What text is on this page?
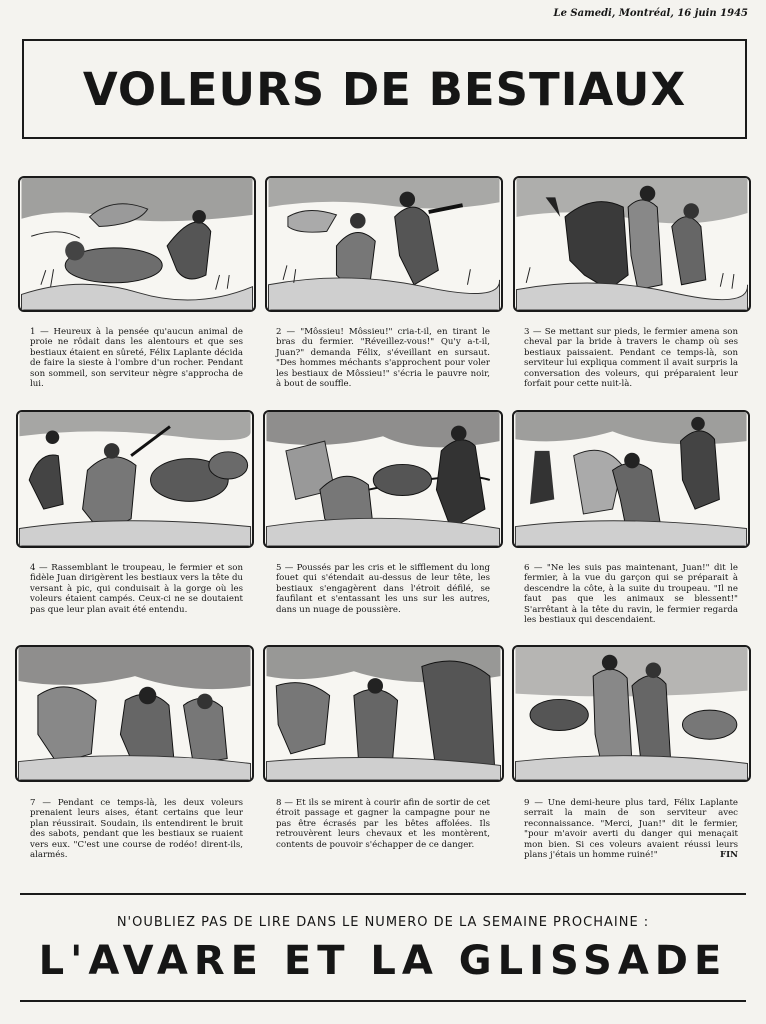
Le Samedi, Montréal, 16 juin 1945
VOLEURS DE BESTIAUX
1 — Heureux à la pensée qu'aucun animal de proie ne rôdait dans les alentours et que ses bestiaux étaient en sûreté, Félix Laplante décida de faire la sieste à l'ombre d'un rocher. Pendant son sommeil, son serviteur nègre s'approcha de lui.
2 — "Môssieu! Môssieu!" cria-t-il, en tirant le bras du fermier. "Réveillez-vous!" Qu'y a-t-il, Juan?" demanda Félix, s'éveillant en sursaut. "Des hommes méchants s'approchent pour voler les bestiaux de Môssieu!" s'écria le pauvre noir, à bout de souffle.
3 — Se mettant sur pieds, le fermier amena son cheval par la bride à travers le champ où ses bestiaux paissaient. Pendant ce temps-là, son serviteur lui expliqua comment il avait surpris la conversation des voleurs, qui préparaient leur forfait pour cette nuit-là.
4 — Rassemblant le troupeau, le fermier et son fidèle Juan dirigèrent les bestiaux vers la tête du versant à pic, qui conduisait à la gorge où les voleurs étaient campés. Ceux-ci ne se doutaient pas que leur plan avait été entendu.
5 — Poussés par les cris et le sifflement du long fouet qui s'étendait au-dessus de leur tête, les bestiaux s'engagèrent dans l'étroit défilé, se faufilant et s'entassant les uns sur les autres, dans un nuage de poussière.
6 — "Ne les suis pas maintenant, Juan!" dit le fermier, à la vue du garçon qui se préparait à descendre la côte, à la suite du troupeau. "Il ne faut pas que les animaux se blessent!" S'arrêtant à la tête du ravin, le fermier regarda les bestiaux qui descendaient.
7 — Pendant ce temps-là, les deux voleurs prenaient leurs aises, étant certains que leur plan réussirait. Soudain, ils entendirent le bruit des sabots, pendant que les bestiaux se ruaient vers eux. "C'est une course de rodéo! dirent-ils, alarmés.
8 — Et ils se mirent à courir afin de sortir de cet étroit passage et gagner la campagne pour ne pas être écrasés par les bêtes affolées. Ils retrouvèrent leurs chevaux et les montèrent, contents de pouvoir s'échapper de ce danger.
9 — Une demi-heure plus tard, Félix Laplante serrait la main de son serviteur avec reconnaissance. "Merci, Juan!" dit le fermier, "pour m'avoir averti du danger qui menaçait mon bien. Si ces voleurs avaient réussi leurs plans j'étais un homme ruiné!"	FIN
N'OUBLIEZ PAS DE LIRE DANS LE NUMERO DE LA SEMAINE PROCHAINE :
L'AVARE ET LA GLISSADE
